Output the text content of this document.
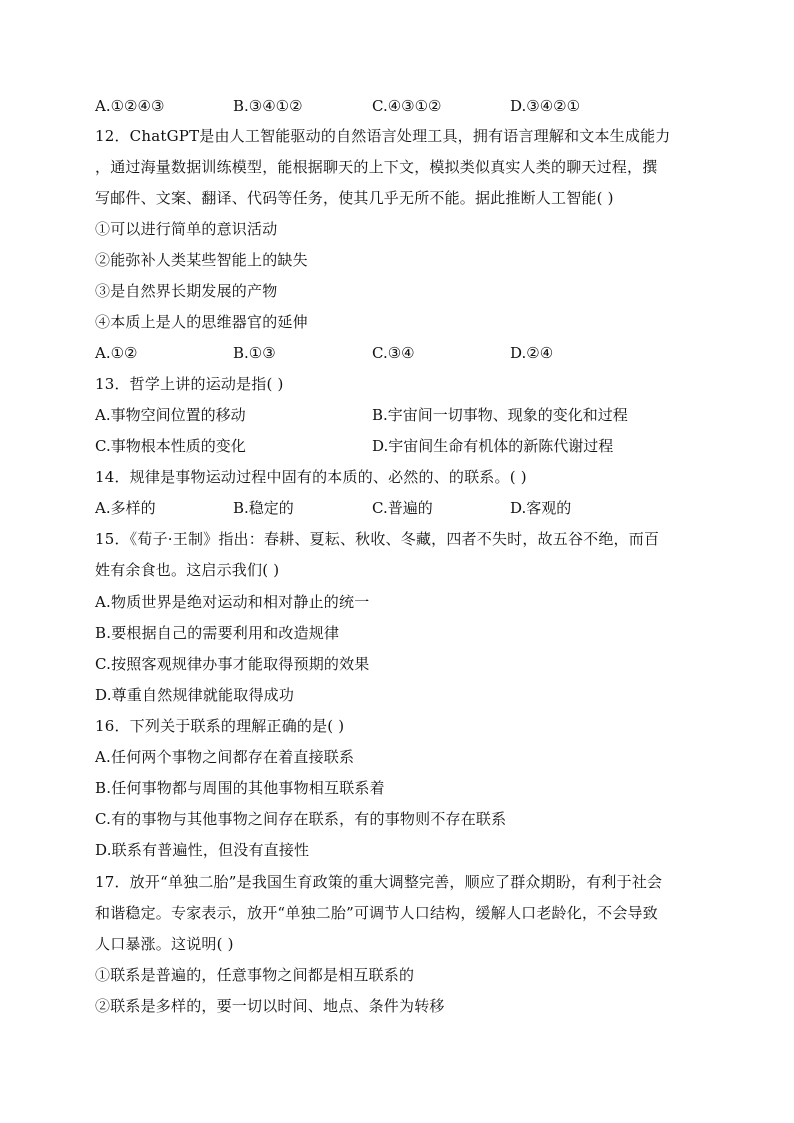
A.①②④③	B.③④①②	C.④③①②	D.③④②①
12．ChatGPT是由人工智能驱动的自然语言处理工具，拥有语言理解和文本生成能力
，通过海量数据训练模型，能根据聊天的上下文，模拟类似真实人类的聊天过程，撰
写邮件、文案、翻译、代码等任务，使其几乎无所不能。据此推断人工智能( )
①可以进行简单的意识活动
②能弥补人类某些智能上的缺失
③是自然界长期发展的产物
④本质上是人的思维器官的延伸
A.①②	B.①③	C.③④	D.②④
13．哲学上讲的运动是指( )
A.事物空间位置的移动	B.宇宙间一切事物、现象的变化和过程
C.事物根本性质的变化	D.宇宙间生命有机体的新陈代谢过程
14．规律是事物运动过程中固有的本质的、必然的、的联系。( )
A.多样的	B.稳定的	C.普遍的	D.客观的
15．《荀子·王制》指出：春耕、夏耘、秋收、冬藏，四者不失时，故五谷不绝，而百
姓有余食也。这启示我们( )
A.物质世界是绝对运动和相对静止的统一
B.要根据自己的需要利用和改造规律
C.按照客观规律办事才能取得预期的效果
D.尊重自然规律就能取得成功
16．下列关于联系的理解正确的是( )
A.任何两个事物之间都存在着直接联系
B.任何事物都与周围的其他事物相互联系着
C.有的事物与其他事物之间存在联系，有的事物则不存在联系
D.联系有普遍性，但没有直接性
17．放开“单独二胎”是我国生育政策的重大调整完善，顺应了群众期盼，有利于社会
和谐稳定。专家表示，放开“单独二胎”可调节人口结构，缓解人口老龄化，不会导致
人口暴涨。这说明( )
①联系是普遍的，任意事物之间都是相互联系的
②联系是多样的，要一切以时间、地点、条件为转移
